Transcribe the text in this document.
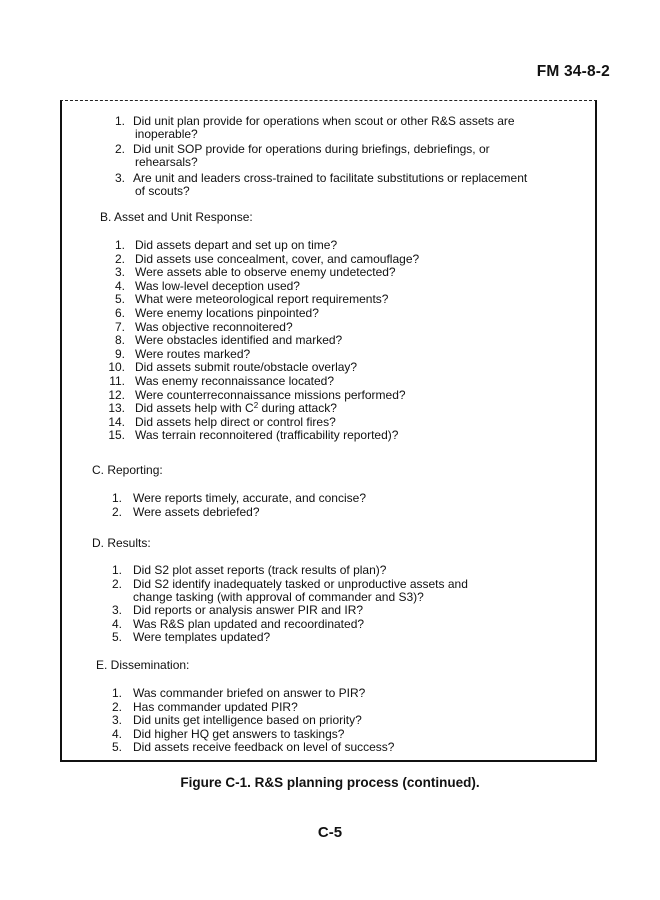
FM 34-8-2
1. Did unit plan provide for operations when scout or other R&S assets are
inoperable?
2. Did unit SOP provide for operations during briefings, debriefings, or
rehearsals?
3. Are unit and leaders cross-trained to facilitate substitutions or replacement
of scouts?
B. Asset and Unit Response:
1. Did assets depart and set up on time?
2. Did assets use concealment, cover, and camouflage?
3. Were assets able to observe enemy undetected?
4. Was low-level deception used?
5. What were meteorological report requirements?
6. Were enemy locations pinpointed?
7. Was objective reconnoitered?
8. Were obstacles identified and marked?
9. Were routes marked?
10. Did assets submit route/obstacle overlay?
11. Was enemy reconnaissance located?
12. Were counterreconnaissance missions performed?
13. Did assets help with $C^2$ during attack?
14. Did assets help direct or control fires?
15. Was terrain reconnoitered (trafficability reported)?
C. Reporting:
1. Were reports timely, accurate, and concise?
2. Were assets debriefed?
D. Results:
1. Did S2 plot asset reports (track results of plan)?
2. Did S2 identify inadequately tasked or unproductive assets and
change tasking (with approval of commander and S3)?
3. Did reports or analysis answer PIR and IR?
4. Was R&S plan updated and recoordinated?
5. Were templates updated?
E. Dissemination:
1. Was commander briefed on answer to PIR?
2. Has commander updated PIR?
3. Did units get intelligence based on priority?
4. Did higher HQ get answers to taskings?
5. Did assets receive feedback on level of success?
Figure C-1. R&S planning process (continued).
C-5
